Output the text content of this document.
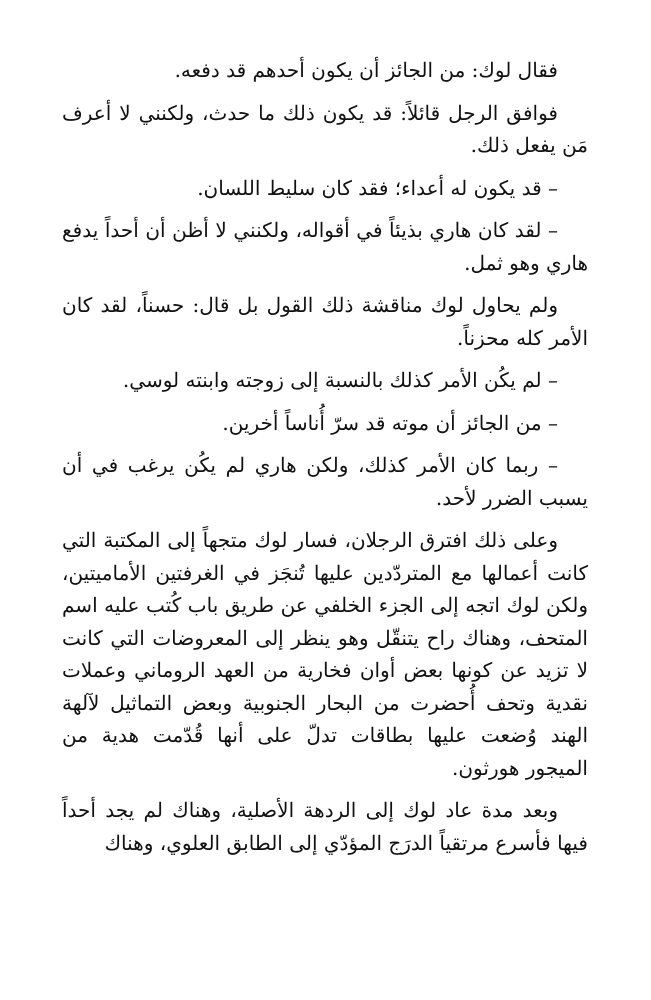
فقال لوك: من الجائز أن يكون أحدهم قد دفعه.

فوافق الرجل قائلاً: قد يكون ذلك ما حدث، ولكنني لا أعرف مَن يفعل ذلك.

– قد يكون له أعداء؛ فقد كان سليط اللسان.

– لقد كان هاري بذيئاً في أقواله، ولكنني لا أظن أن أحداً يدفع هاري وهو ثمل.

ولم يحاول لوك مناقشة ذلك القول بل قال: حسناً، لقد كان الأمر كله محزناً.

– لم يكُن الأمر كذلك بالنسبة إلى زوجته وابنته لوسي.

– من الجائز أن موته قد سرّ أُناساً أخرين.

– ربما كان الأمر كذلك، ولكن هاري لم يكُن يرغب في أن يسبب الضرر لأحد.

وعلى ذلك افترق الرجلان، فسار لوك متجهاً إلى المكتبة التي كانت أعمالها مع المتردّدين عليها تُنجَز في الغرفتين الأماميتين، ولكن لوك اتجه إلى الجزء الخلفي عن طريق باب كُتب عليه اسم المتحف، وهناك راح يتنقّل وهو ينظر إلى المعروضات التي كانت لا تزيد عن كونها بعض أوان فخارية من العهد الروماني وعملات نقدية وتحف أُحضرت من البحار الجنوبية وبعض التماثيل لآلهة الهند وُضعت عليها بطاقات تدلّ على أنها قُدّمت هدية من الميجور هورثون.

وبعد مدة عاد لوك إلى الردهة الأصلية، وهناك لم يجد أحداً فيها فأسرع مرتقياً الدرَج المؤدّي إلى الطابق العلوي، وهناك
